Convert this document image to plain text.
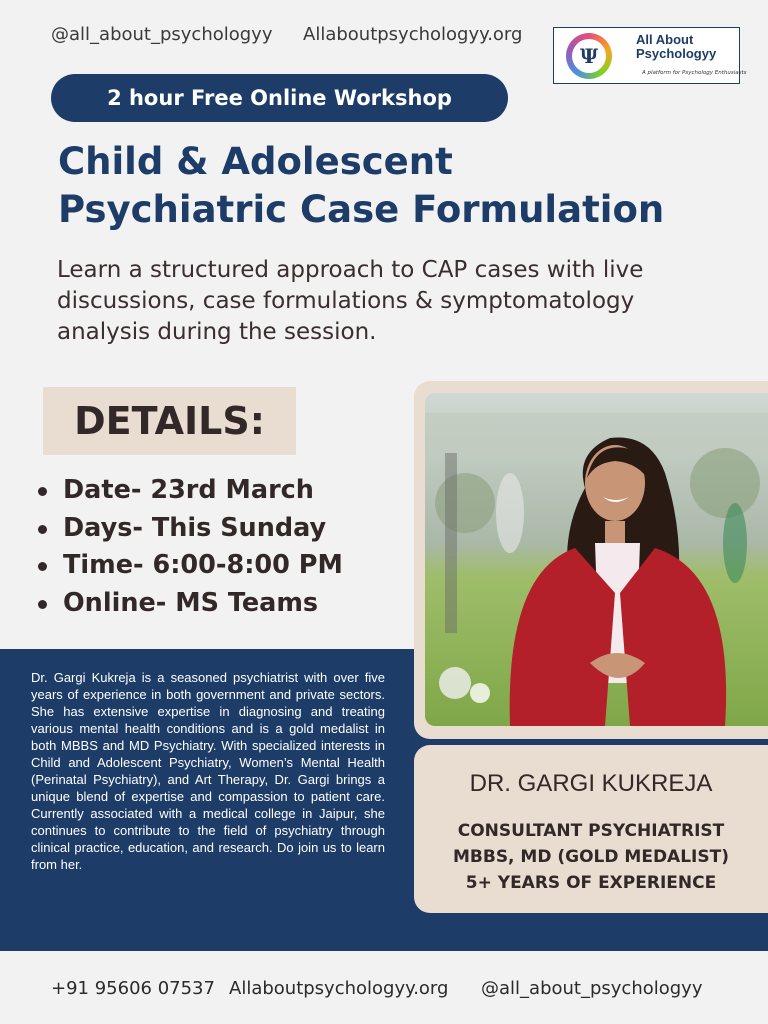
@all_about_psychologyy Allaboutpsychologyy.org
Ψ
All About
Psychologyy
A platform for Psychology Enthusiasts
2 hour Free Online Workshop
Child & Adolescent
Psychiatric Case Formulation
Learn a structured approach to CAP cases with live discussions, case formulations & symptomatology analysis during the session.
DETAILS:
Date- 23rd March
Days- This Sunday
Time- 6:00-8:00 PM
Online- MS Teams
Dr. Gargi Kukreja is a seasoned psychiatrist with over five years of experience in both government and private sectors. She has extensive expertise in diagnosing and treating various mental health conditions and is a gold medalist in both MBBS and MD Psychiatry. With specialized interests in Child and Adolescent Psychiatry, Women’s Mental Health (Perinatal Psychiatry), and Art Therapy, Dr. Gargi brings a unique blend of expertise and compassion to patient care. Currently associated with a medical college in Jaipur, she continues to contribute to the field of psychiatry through clinical practice, education, and research. Do join us to learn from her.
DR. GARGI KUKREJA
CONSULTANT PSYCHIATRIST
MBBS, MD (GOLD MEDALIST)
5+ YEARS OF EXPERIENCE
+91 95606 07537 Allaboutpsychologyy.org @all_about_psychologyy
